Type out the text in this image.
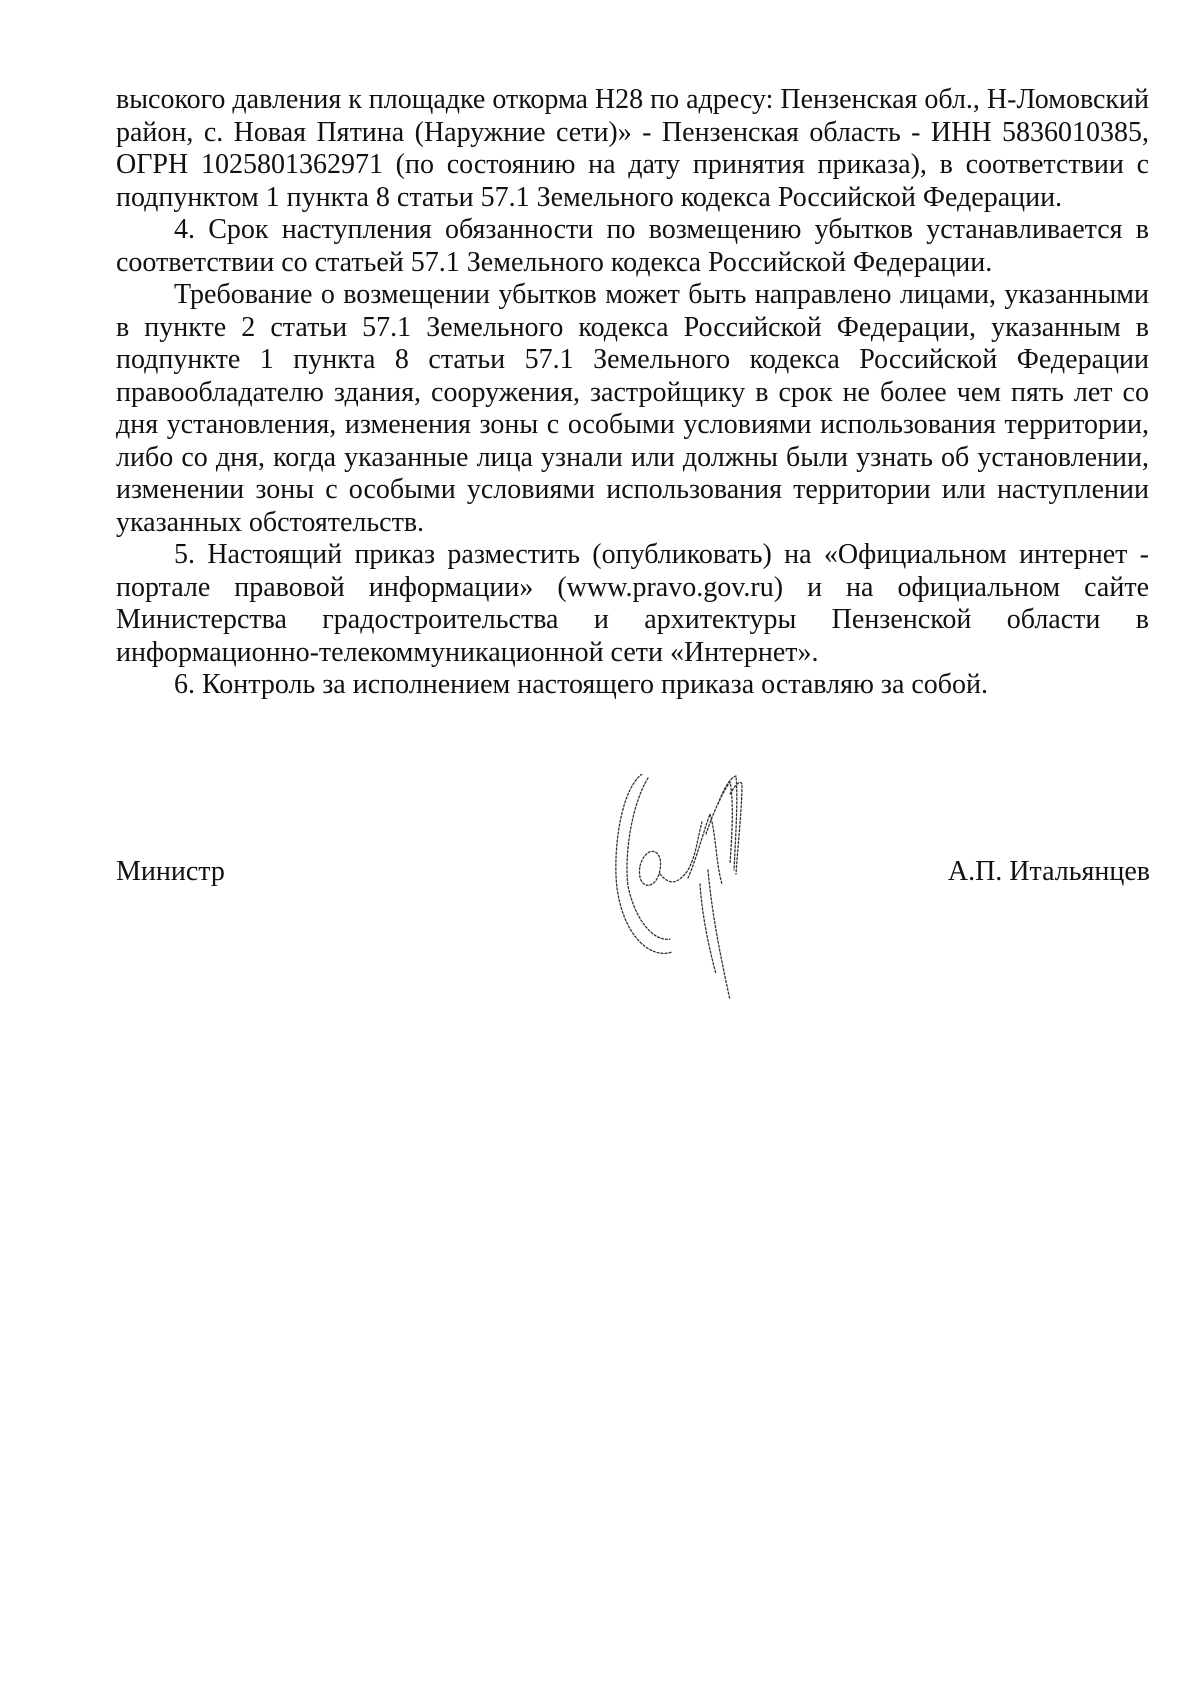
высокого давления к площадке откорма Н28 по адресу: Пензенская обл., Н-Ломовский район, с. Новая Пятина (Наружние сети)» - Пензенская область - ИНН 5836010385, ОГРН 1025801362971 (по состоянию на дату принятия приказа), в соответствии с подпунктом 1 пункта 8 статьи 57.1 Земельного кодекса Российской Федерации.

4. Срок наступления обязанности по возмещению убытков устанавливается в соответствии со статьей 57.1 Земельного кодекса Российской Федерации.

Требование о возмещении убытков может быть направлено лицами, указанными в пункте 2 статьи 57.1 Земельного кодекса Российской Федерации, указанным в подпункте 1 пункта 8 статьи 57.1 Земельного кодекса Российской Федерации правообладателю здания, сооружения, застройщику в срок не более чем пять лет со дня установления, изменения зоны с особыми условиями использования территории, либо со дня, когда указанные лица узнали или должны были узнать об установлении, изменении зоны с особыми условиями использования территории или наступлении указанных обстоятельств.

5. Настоящий приказ разместить (опубликовать) на «Официальном интернет - портале правовой информации» (www.pravo.gov.ru) и на официальном сайте Министерства градостроительства и архитектуры Пензенской области в информационно-телекоммуникационной сети «Интернет».

6. Контроль за исполнением настоящего приказа оставляю за собой.

Министр	А.П. Итальянцев
